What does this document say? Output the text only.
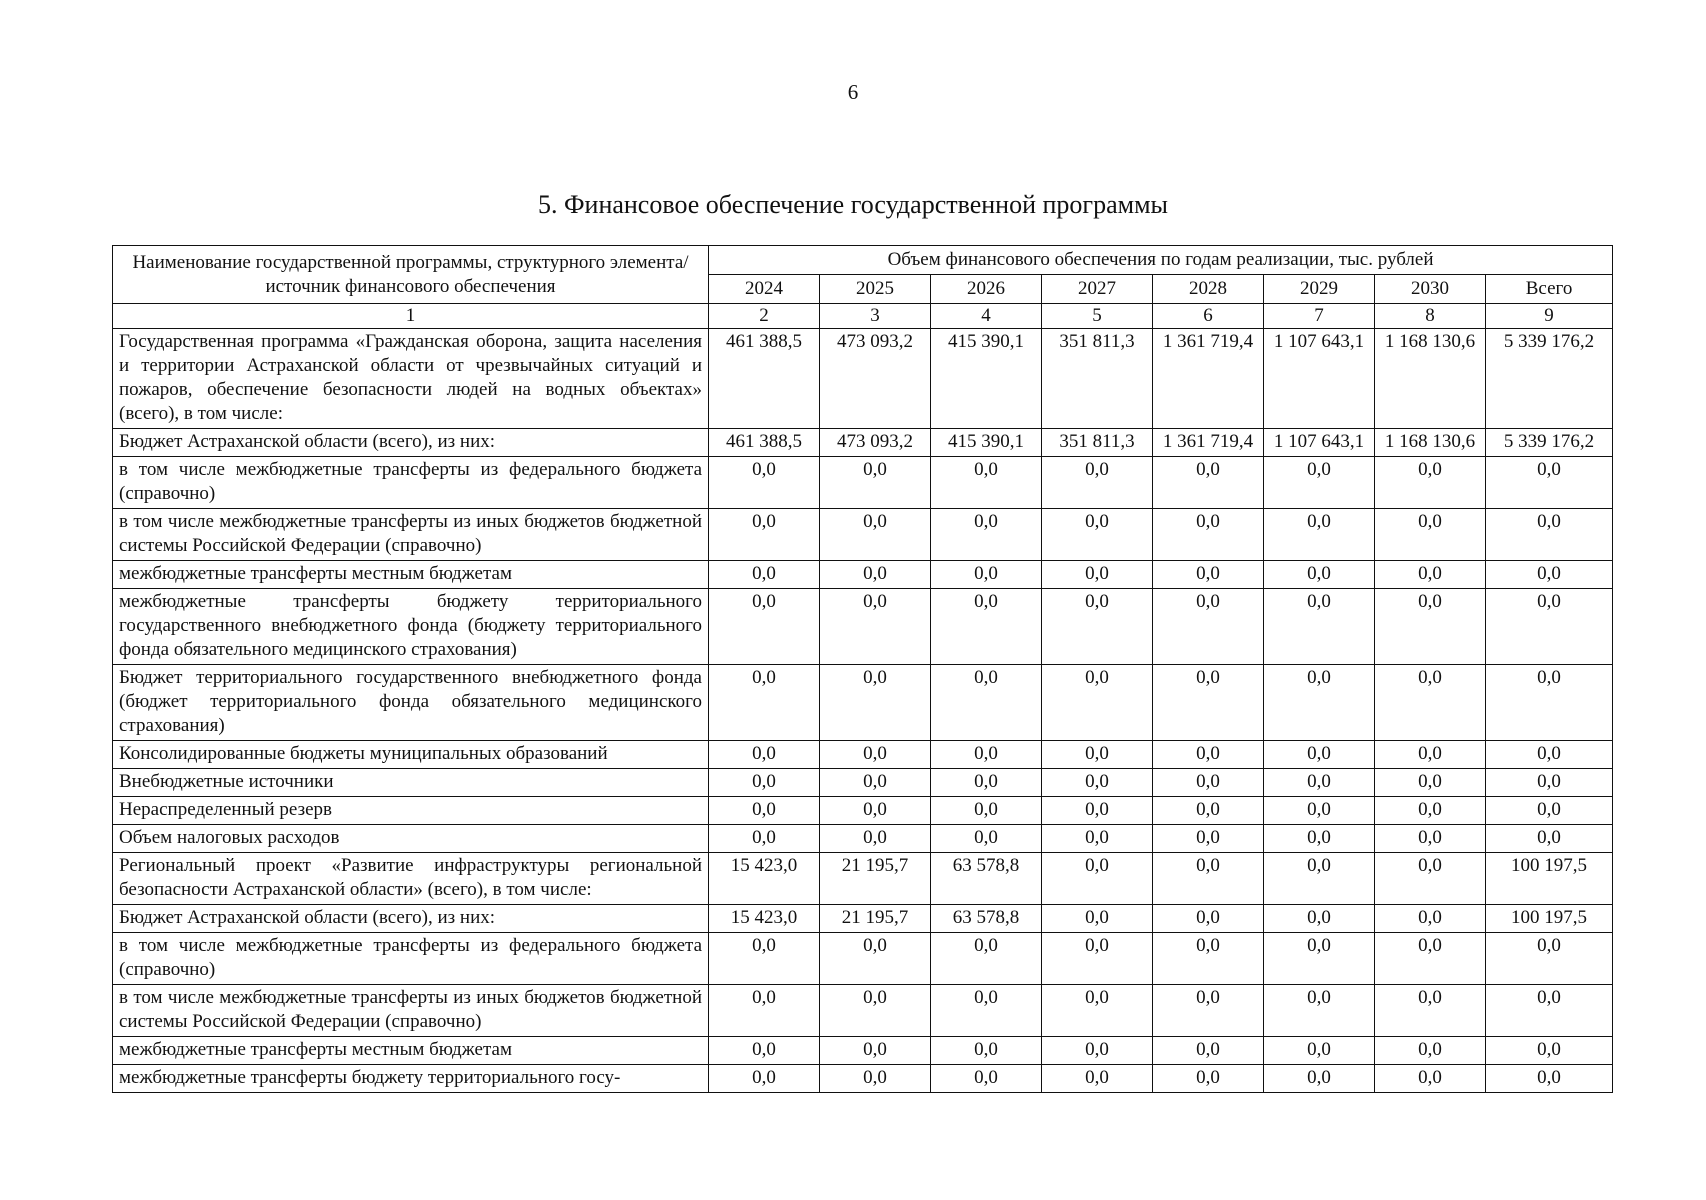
6
5. Финансовое обеспечение государственной программы
Наименование государственной программы, структурного элемента/источник финансового обеспечения	Объем финансового обеспечения по годам реализации, тыс. рублей							
	2024	2025	2026	2027	2028	2029	2030	Всего
1	2	3	4	5	6	7	8	9
Государственная программа «Гражданская оборона, защита населения и территории Астраханской области от чрезвычайных ситуаций и пожаров, обеспечение безопасности людей на водных объектах» (всего), в том числе:	461 388,5	473 093,2	415 390,1	351 811,3	1 361 719,4	1 107 643,1	1 168 130,6	5 339 176,2
Бюджет Астраханской области (всего), из них:	461 388,5	473 093,2	415 390,1	351 811,3	1 361 719,4	1 107 643,1	1 168 130,6	5 339 176,2
в том числе межбюджетные трансферты из федерального бюджета (справочно)	0,0	0,0	0,0	0,0	0,0	0,0	0,0	0,0
в том числе межбюджетные трансферты из иных бюджетов бюджетной системы Российской Федерации (справочно)	0,0	0,0	0,0	0,0	0,0	0,0	0,0	0,0
межбюджетные трансферты местным бюджетам	0,0	0,0	0,0	0,0	0,0	0,0	0,0	0,0
межбюджетные трансферты бюджету территориального государственного внебюджетного фонда (бюджету территориального фонда обязательного медицинского страхования)	0,0	0,0	0,0	0,0	0,0	0,0	0,0	0,0
Бюджет территориального государственного внебюджетного фонда (бюджет территориального фонда обязательного медицинского страхования)	0,0	0,0	0,0	0,0	0,0	0,0	0,0	0,0
Консолидированные бюджеты муниципальных образований	0,0	0,0	0,0	0,0	0,0	0,0	0,0	0,0
Внебюджетные источники	0,0	0,0	0,0	0,0	0,0	0,0	0,0	0,0
Нераспределенный резерв	0,0	0,0	0,0	0,0	0,0	0,0	0,0	0,0
Объем налоговых расходов	0,0	0,0	0,0	0,0	0,0	0,0	0,0	0,0
Региональный проект «Развитие инфраструктуры региональной безопасности Астраханской области» (всего), в том числе:	15 423,0	21 195,7	63 578,8	0,0	0,0	0,0	0,0	100 197,5
Бюджет Астраханской области (всего), из них:	15 423,0	21 195,7	63 578,8	0,0	0,0	0,0	0,0	100 197,5
в том числе межбюджетные трансферты из федерального бюджета (справочно)	0,0	0,0	0,0	0,0	0,0	0,0	0,0	0,0
в том числе межбюджетные трансферты из иных бюджетов бюджетной системы Российской Федерации (справочно)	0,0	0,0	0,0	0,0	0,0	0,0	0,0	0,0
межбюджетные трансферты местным бюджетам	0,0	0,0	0,0	0,0	0,0	0,0	0,0	0,0
межбюджетные трансферты бюджету территориального госу-	0,0	0,0	0,0	0,0	0,0	0,0	0,0	0,0
